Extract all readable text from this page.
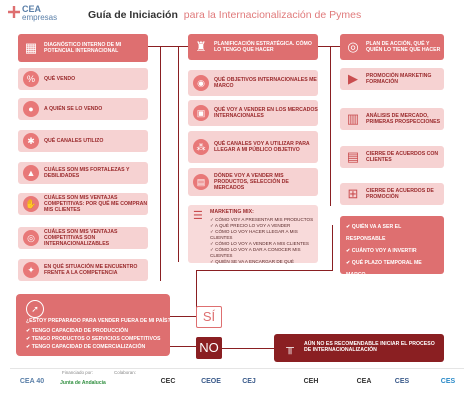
CEA
empresas	Guía de Iniciación para la Internacionalización de Pymes
▦	DIAGNÓSTICO INTERNO DE MI POTENCIAL INTERNACIONAL
%	QUÉ VENDO
●	A QUIÉN SE LO VENDO
✱	QUÉ CANALES UTILIZO
▲	CUÁLES SON MIS FORTALEZAS Y DEBILIDADES
✋
CUÁLES SON MIS VENTAJAS COMPETITIVAS: POR QUÉ ME COMPRAN MIS CLIENTES
◎
CUÁLES SON MIS VENTAJAS COMPETITIVAS SON INTERNACIONALIZABLES
✦	EN QUÉ SITUACIÓN ME ENCUENTRO FRENTE A LA COMPETENCIA
➚
¿ESTOY PREPARADO PARA VENDER FUERA DE MI PAÍS?
✔ TENGO CAPACIDAD DE PRODUCCIÓN
✔ TENGO PRODUCTOS O SERVICIOS COMPETITIVOS
✔ TENGO CAPACIDAD DE COMERCIALIZACIÓN
SÍ
NO	╥	AÚN NO ES RECOMENDABLE INICIAR EL PROCESO DE INTERNACIONALIZACIÓN
♜	PLANIFICACIÓN ESTRATÉGICA. CÓMO LO TENGO QUE HACER
◉	QUÉ OBJETIVOS INTERNACIONALES ME MARCO
▣	QUÉ VOY A VENDER EN LOS MERCADOS INTERNACIONALES
⁂	QUÉ CANALES VOY A UTILIZAR PARA LLEGAR A MI PÚBLICO OBJETIVO
▤
DÓNDE VOY A VENDER MIS PRODUCTOS, SELECCIÓN DE MERCADOS
☰	MARKETING MIX:
✓ CÓMO VOY A PRESENTAR MIS PRODUCTOS
✓ A QUÉ PRECIO LO VOY A VENDER
✓ CÓMO LO VOY HACER LLEGAR A MIS CLIENTES
✓ CÓMO LO VOY A VENDER A MIS CLIENTES
✓ CÓMO LO VOY A DAR A CONOCER MIS CLIENTES
✓ QUIÉN SE VA A ENCARGAR DE QUÉ
◎	PLAN DE ACCIÓN, QUÉ Y QUIÉN LO TIENE QUE HACER
▶	PROMOCIÓN MARKETING FORMACIÓN
▥	ANÁLISIS DE MERCADO, PRIMERAS PROSPECCIONES
▤	CIERRE DE ACUERDOS CON CLIENTES
⊞	CIERRE DE ACUERDOS DE PROMOCIÓN
✔ QUIÉN VA A SER EL RESPONSABLE
✔ CUÁNTO VOY A INVERTIR
✔ QUÉ PLAZO TEMPORAL ME MARCO
✔ QUIÉN SE PUEDE AYUDAR
Financiado por:	Colaboran:
CEA 40	Junta de Andalucía	CEC	CEOE	CEJ	CEH	CEA	CES	CES
